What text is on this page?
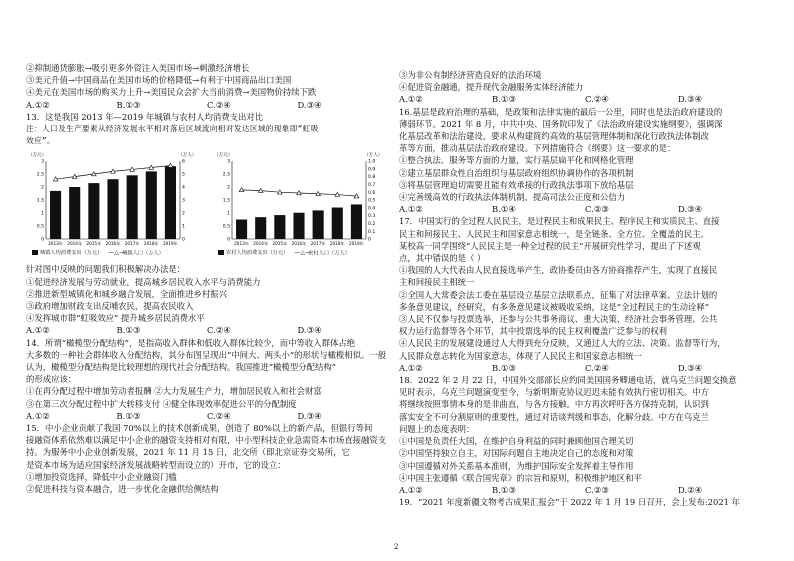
②抑制通货膨胀→吸引更多外资注入美国市场→刺激经济增长
③美元升值→中国商品在美国市场的价格降低→有利于中国商品出口美国
④美元在美国市场的购买力上升→美国民众会扩大当前消费→美国物价持续下跌
A.①②	B.①③	C.②④	D.③④
13．这是我国 2013 年—2019 年城镇与农村人均消费支出对比
注：人口及生产要素从经济发展水平相对落后区域流向相对发达区域的现象即“虹吸
效应”。
（万元）	（万人）
0
0.5
1
1.5
2
2.5
3
0
1
2
3
4
5
6
2013年 2014年 2015年 2016年 2017年 2018年 2019年
城镇人均消费支出（万元） —△—城镇人口（万人）
（万元）	（万人）
0
0.5
1
1.5
2
2.5
3
0
0.1
0.2
0.3
0.4
0.5
0.6
0.7
0.8
0.9
1.0
2013年 2014年 2015年 2016年 2017年 2018年 2019年
农村人均消费支出（万元） —△—农村人口（万人）
针对图中反映的问题我们积极解决办法是：
①促进经济发展与劳动就业，提高城乡居民收入水平与消费能力
②推进新型城镇化和城乡融合发展，全面推进乡村振兴
③政府增加财政支出反哺农民，提高农民收入
④发挥城市群“虹吸效应” 提升城乡居民消费水平
A.①②	B.①③	C.②④	D.③④
14．所谓“橄榄型分配结构”，是指高收入群体和低收入群体比较少，而中等收入群体占绝
大多数的一种社会群体收入分配结构，其分布图呈现出“中间大、两头小”的形状与橄榄相似。一般
认为，橄榄型分配结构是比较理想的现代社会分配结构。我国推进“橄榄型分配结构”
的形成应该：
①在再分配过程中增加劳动者报酬 ②大力发展生产力，增加居民收入和社会财富
③在第三次分配过程中扩大转移支付 ④健全体现效率促进公平的分配制度
A.①②	B.①③	C.②④	D.③④
15．中小企业贡献了我国 70%以上的技术创新成果，创造了 80%以上的新产品，但银行等间
接融资体系依然难以满足中小企业的融资支持相对有限，中小型科技企业急需资本市场直接融资支
持。为服务中小企业创新发展，2021 年 11 月 15 日，北交所（即北京证券交易所，它
是资本市场为适应国家经济发展战略转型而设立的）开市，它的设立：
①增加投资选择，降低中小企业融资门槛
②促进科技与资本融合，进一步优化金融供给侧结构
③为非公有制经济营造良好的法治环境
④促进资金融通，提升现代金融服务实体经济能力
A.①②	B.①③	C.②④	D.③④
16.基层是政府治理的基础，是政策和法律实施的最后一公里，同时也是法治政府建设的
薄弱环节。2021 年 8 月，中共中央、国务院印发了《法治政府建设实施纲要》，强调深
化基层改革和法治建设，要求从构建简约高效的基层管理体制和深化行政执法体制改
革等方面，推动基层法治政府建设。下列措施符合《纲要》这一要求的是：
①整合执法、服务等方面的力量，实行基层扁平化和网格化管理
②建立基层群众性自治组织与基层政府组织协调协作的各项机制
③将基层管理迫切需要且能有效承接的行政执法事项下放给基层
④完善缓高效的行政执法体制机制，提高司法公正度和公信力
A.①②	B.①④	C.②③	D.③④
17．中国实行的全过程人民民主，是过程民主和成果民主、程序民主和实质民主、直接
民主和间接民主、人民民主和国家意志相统一，是全链条、全方位、全覆盖的民主。
某校高一同学围绕“人民民主是一种全过程的民主”开展研究性学习，提出了下述观
点，其中错误的是（ ）
①我国的人大代表由人民直接选举产生，政协委员由各方协商推荐产生，实现了直接民
主和间接民主相统一
②全国人大常委会法工委在基层设立基层立法联系点，征集了对法律草案、立法计划的
多条意见建议，经研究，有多条意见建议被吸收采纳，这是“全过程民主的生动诠释”
③人民不仅参与投票选举，还参与公共事务商议、重大决策、经济社会事务管理、公共
权力运行监督等各个环节，其中投票选举的民主权利覆盖广泛参与的权利
④人民民主的发展建设通过人大得到充分反映，又通过人大的立法、决策、监督等行为，
人民群众意志转化为国家意志，体现了人民民主和国家意志相统一
A.①②	B.①③	C.②④	D.③④
18．2022 年 2 月 22 日，中国外交部部长应约同美国国务卿通电话，就乌克兰问题交换意
见时表示，乌克兰问题演变至今，与新明斯克协议迟迟未能有效执行密切相关。中方
将继续按照事情本身的是非曲直，与各方接触。中方再次呼吁各方保持克制，认识到
落实安全不可分割原则的重要性，通过对话谈判缓和事态，化解分歧。中方在乌克兰
问题上的态度表明：
①中国是负责任大国，在维护自身利益的同时兼顾他国合理关切
②中国坚持独立自主，对国际问题自主地决定自己的态度和对策
③中国遵循对外关系基本准则，为维护国际安全发挥着主导作用
④中国主张遵循《联合国宪章》的宗旨和原则，积极维护地区和平
A.①②	B.①③	C.②③	D.②④
19．“2021 年度新疆文物考古成果汇报会”于 2022 年 1 月 19 日召开，会上发布:2021 年
2
